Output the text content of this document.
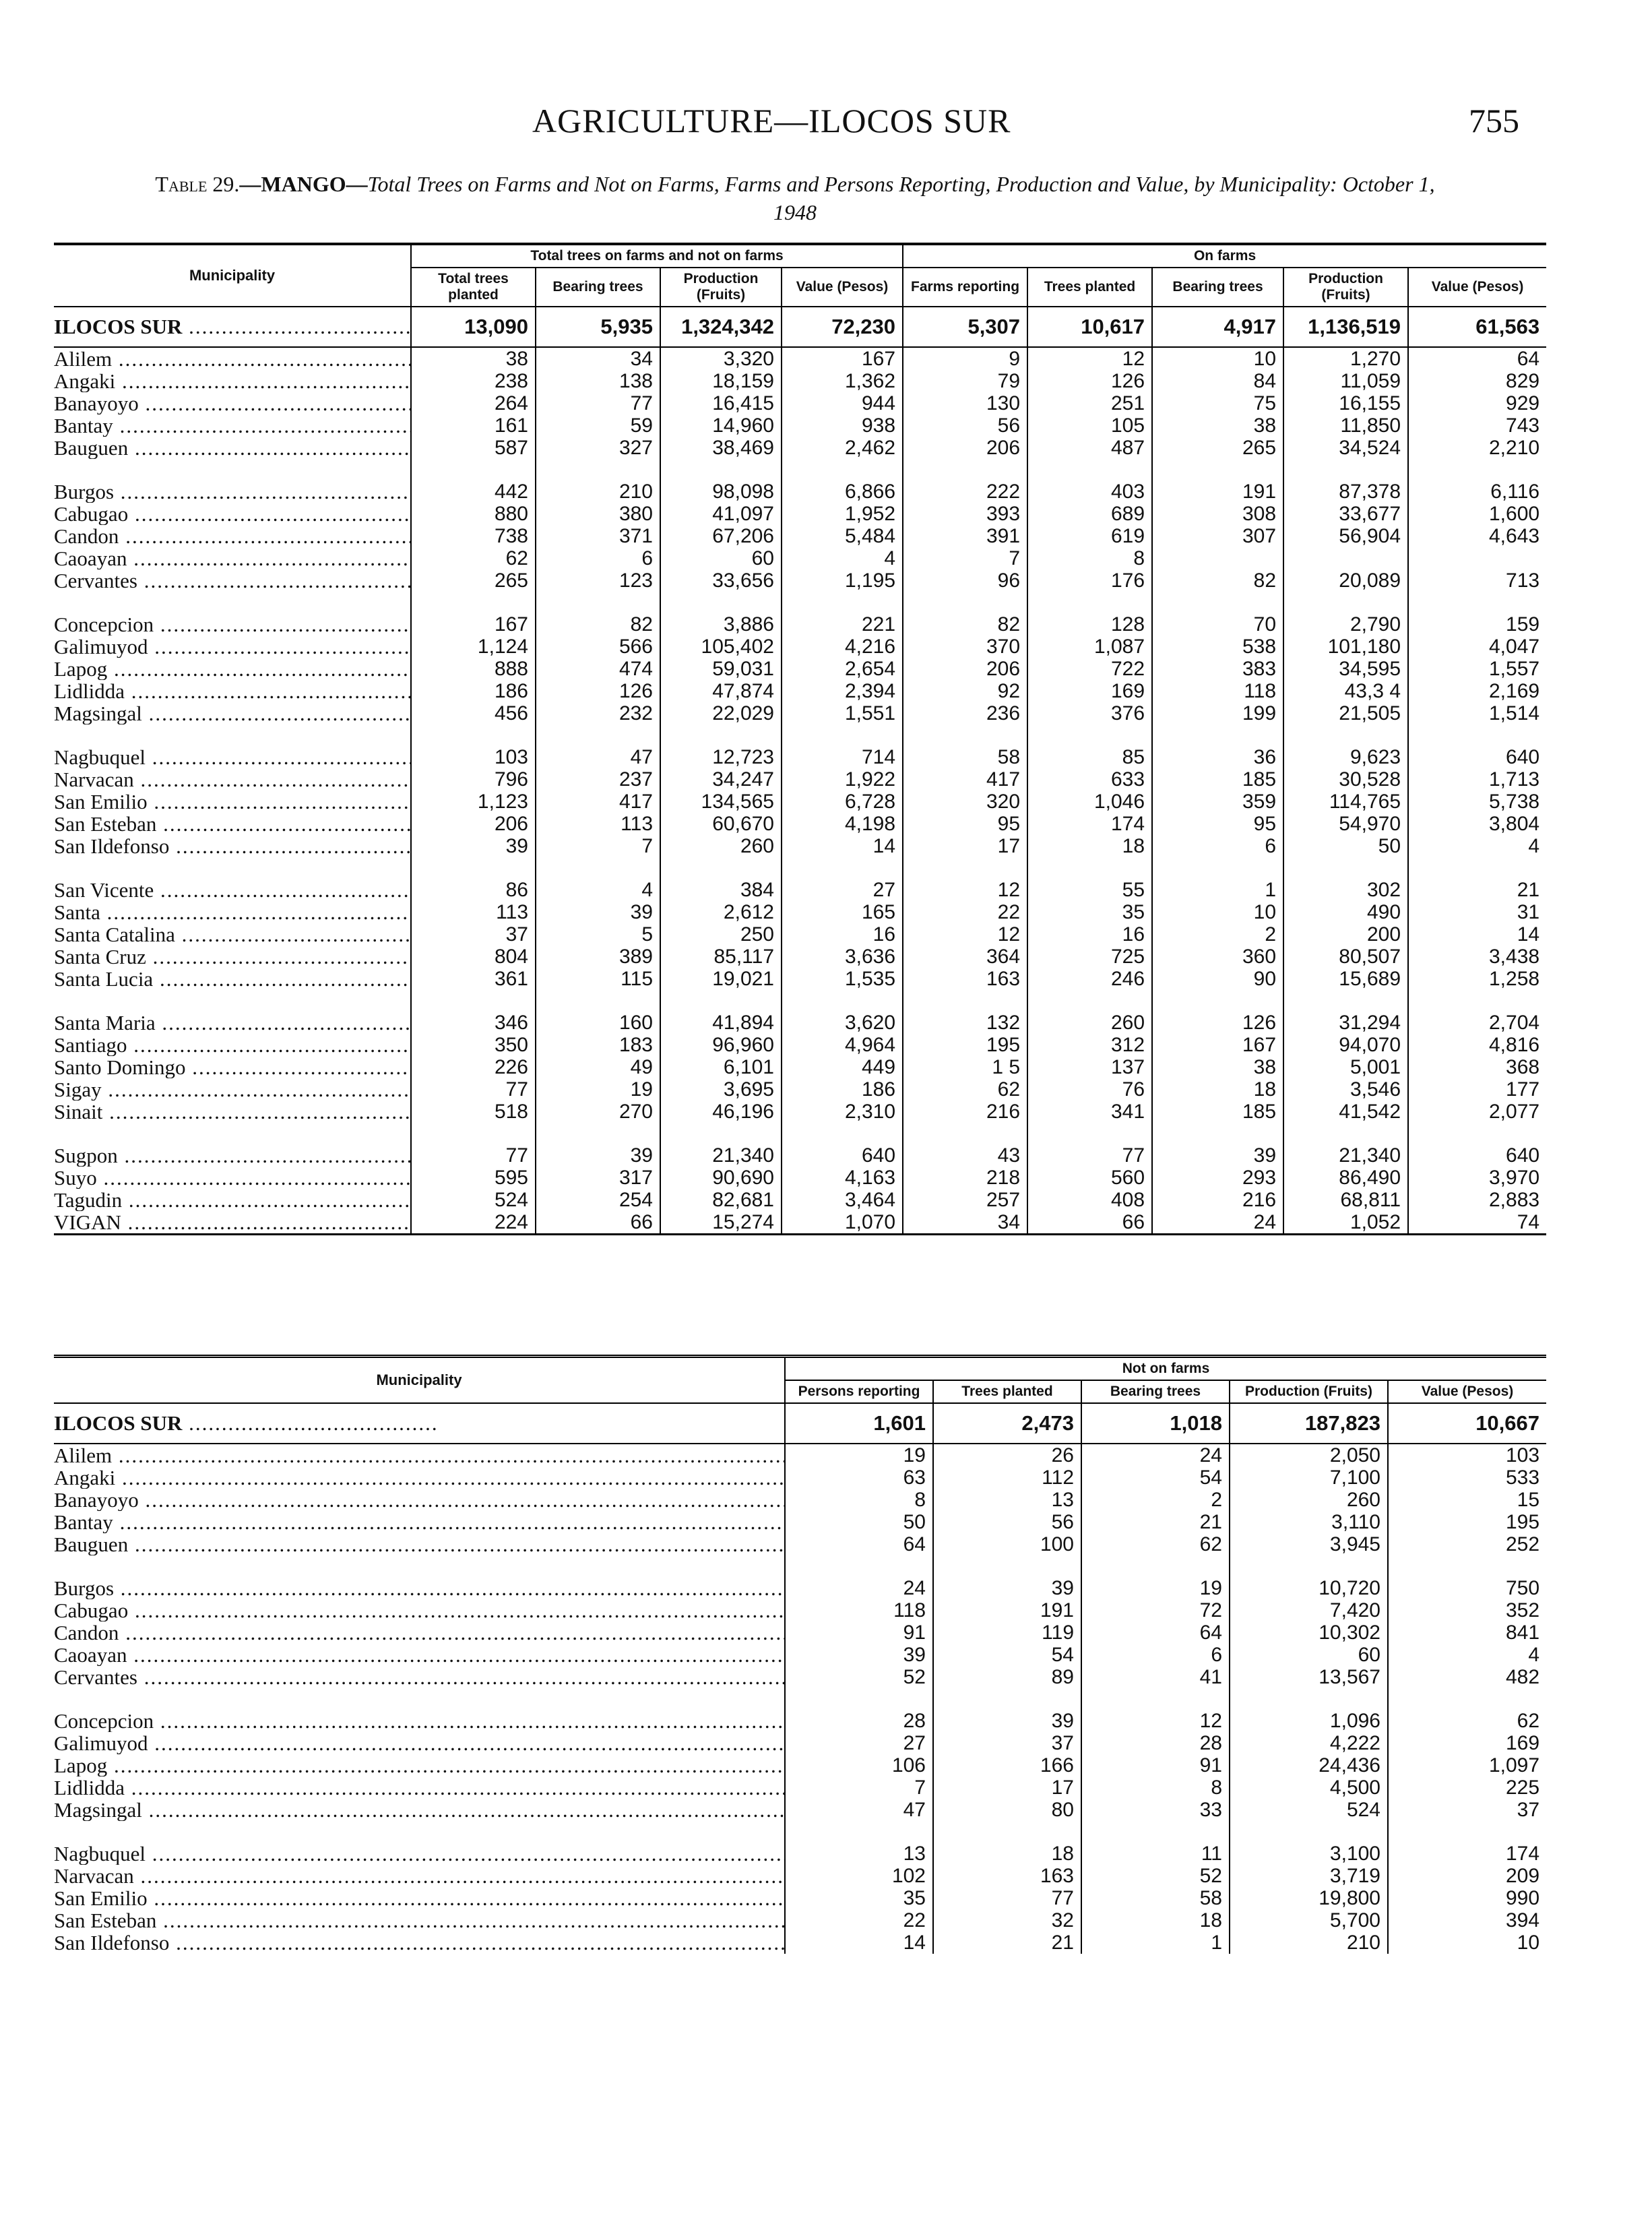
AGRICULTURE—ILOCOS SUR	755
Table 29.—MANGO—Total Trees on Farms and Not on Farms, Farms and Persons Reporting, Production and Value, by Municipality: October 1, 1948
Municipality	Total trees on farms and not on farms				On farms				
	Total trees planted	Bearing trees	Production (Fruits)	Value (Pesos)	Farms reporting	Trees planted	Bearing trees	Production (Fruits)	Value (Pesos)
ILOCOS SUR .....	13,090	5,935	1,324,342	72,230	5,307	10,617	4,917	1,136,519	61,563
Alilem .....	38	34	3,320	167	9	12	10	1,270	64
Angaki .....	238	138	18,159	1,362	79	126	84	11,059	829
Banayoyo .....	264	77	16,415	944	130	251	75	16,155	929
Bantay .....	161	59	14,960	938	56	105	38	11,850	743
Bauguen .....	587	327	38,469	2,462	206	487	265	34,524	2,210

Burgos .....	442	210	98,098	6,866	222	403	191	87,378	6,116
Cabugao .....	880	380	41,097	1,952	393	689	308	33,677	1,600
Candon .....	738	371	67,206	5,484	391	619	307	56,904	4,643
Caoayan .....	62	6	60	4	7	8			
Cervantes .....	265	123	33,656	1,195	96	176	82	20,089	713

Concepcion .....	167	82	3,886	221	82	128	70	2,790	159
Galimuyod .....	1,124	566	105,402	4,216	370	1,087	538	101,180	4,047
Lapog .....	888	474	59,031	2,654	206	722	383	34,595	1,557
Lidlidda .....	186	126	47,874	2,394	92	169	118	43,3 4	2,169
Magsingal .....	456	232	22,029	1,551	236	376	199	21,505	1,514

Nagbuquel .....	103	47	12,723	714	58	85	36	9,623	640
Narvacan .....	796	237	34,247	1,922	417	633	185	30,528	1,713
San Emilio .....	1,123	417	134,565	6,728	320	1,046	359	114,765	5,738
San Esteban .....	206	113	60,670	4,198	95	174	95	54,970	3,804
San Ildefonso .....	39	7	260	14	17	18	6	50	4

San Vicente .....	86	4	384	27	12	55	1	302	21
Santa .....	113	39	2,612	165	22	35	10	490	31
Santa Catalina .....	37	5	250	16	12	16	2	200	14
Santa Cruz .....	804	389	85,117	3,636	364	725	360	80,507	3,438
Santa Lucia .....	361	115	19,021	1,535	163	246	90	15,689	1,258

Santa Maria .....	346	160	41,894	3,620	132	260	126	31,294	2,704
Santiago .....	350	183	96,960	4,964	195	312	167	94,070	4,816
Santo Domingo .....	226	49	6,101	449	1 5	137	38	5,001	368
Sigay .....	77	19	3,695	186	62	76	18	3,546	177
Sinait .....	518	270	46,196	2,310	216	341	185	41,542	2,077

Sugpon .....	77	39	21,340	640	43	77	39	21,340	640
Suyo .....	595	317	90,690	4,163	218	560	293	86,490	3,970
Tagudin .....	524	254	82,681	3,464	257	408	216	68,811	2,883
VIGAN .....	224	66	15,274	1,070	34	66	24	1,052	74
Municipality	Not on farms				
	Persons reporting	Trees planted	Bearing trees	Production (Fruits)	Value (Pesos)
ILOCOS SUR .....	1,601	2,473	1,018	187,823	10,667
Alilem .....	19	26	24	2,050	103
Angaki .....	63	112	54	7,100	533
Banayoyo .....	8	13	2	260	15
Bantay .....	50	56	21	3,110	195
Bauguen .....	64	100	62	3,945	252

Burgos .....	24	39	19	10,720	750
Cabugao .....	118	191	72	7,420	352
Candon .....	91	119	64	10,302	841
Caoayan .....	39	54	6	60	4
Cervantes .....	52	89	41	13,567	482

Concepcion .....	28	39	12	1,096	62
Galimuyod .....	27	37	28	4,222	169
Lapog .....	106	166	91	24,436	1,097
Lidlidda .....	7	17	8	4,500	225
Magsingal .....	47	80	33	524	37

Nagbuquel .....	13	18	11	3,100	174
Narvacan .....	102	163	52	3,719	209
San Emilio .....	35	77	58	19,800	990
San Esteban .....	22	32	18	5,700	394
San Ildefonso .....	14	21	1	210	10
